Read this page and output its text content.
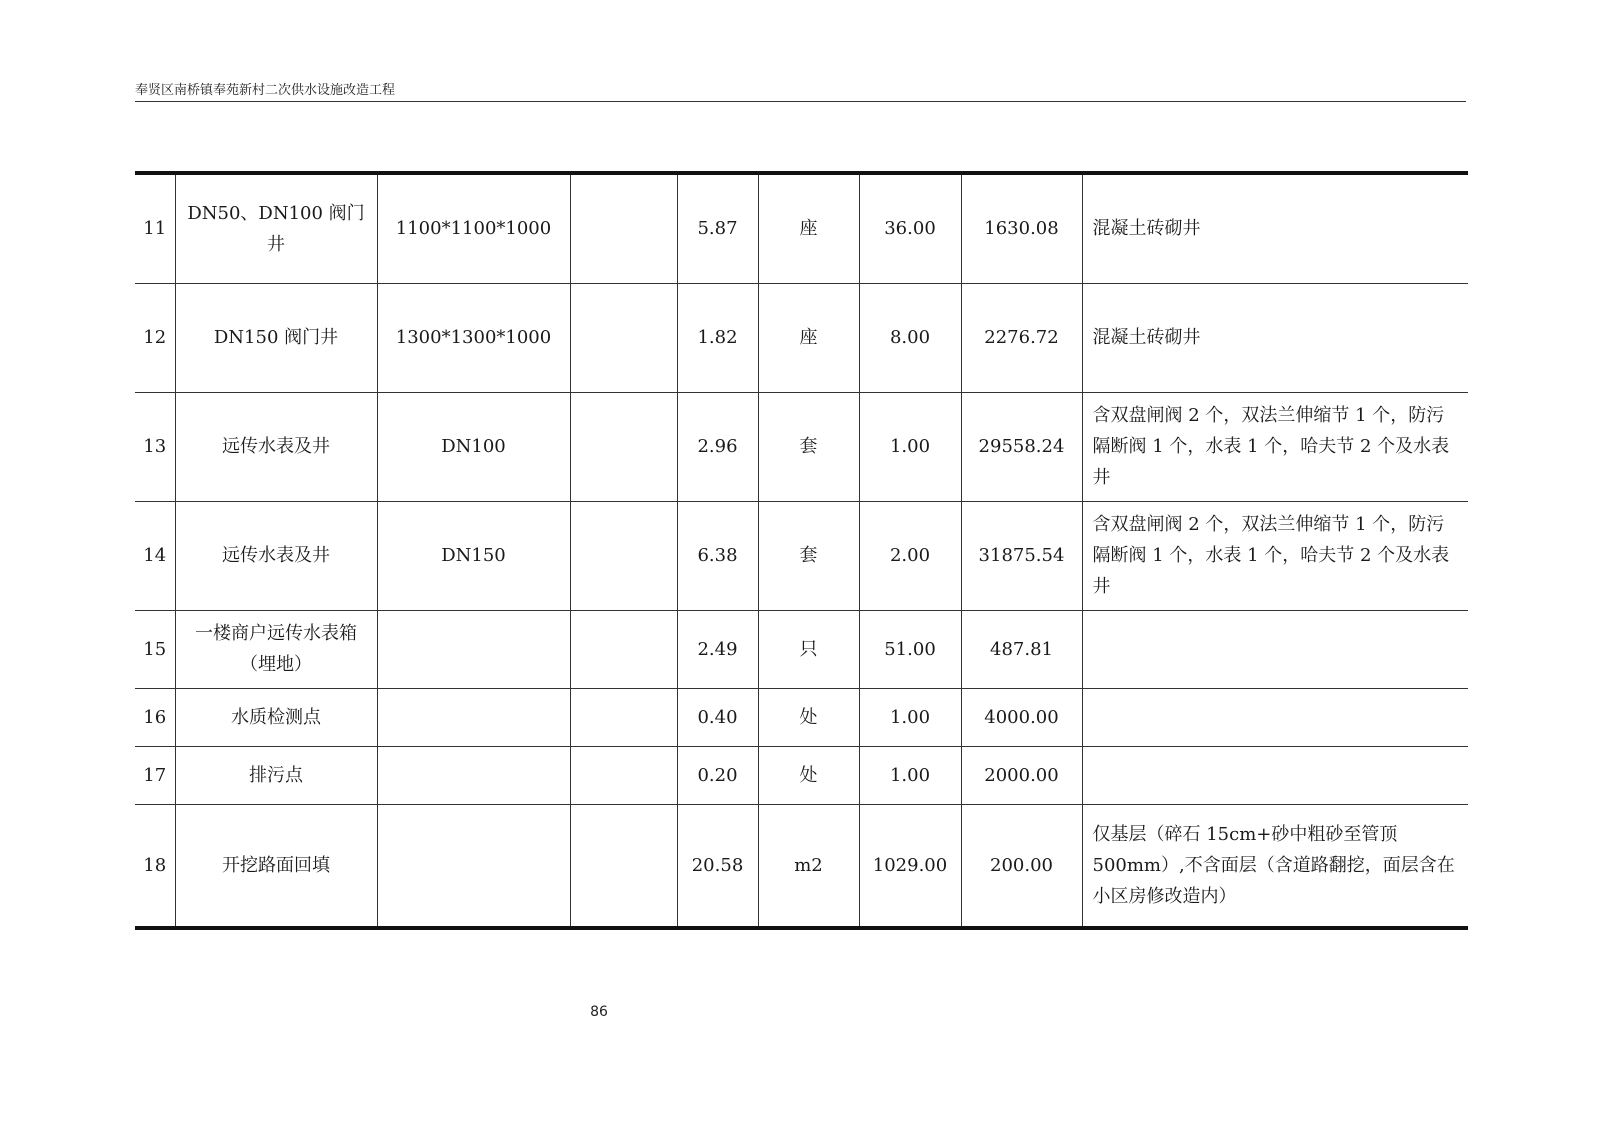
奉贤区南桥镇奉苑新村二次供水设施改造工程
11	DN50、DN100 阀门井	1100*1100*1000		5.87	座	36.00	1630.08	混凝土砖砌井
12	DN150 阀门井	1300*1300*1000		1.82	座	8.00	2276.72	混凝土砖砌井
13	远传水表及井	DN100		2.96	套	1.00	29558.24	含双盘闸阀 2 个，双法兰伸缩节 1 个，防污隔断阀 1 个，水表 1 个，哈夫节 2 个及水表井
14	远传水表及井	DN150		6.38	套	2.00	31875.54	含双盘闸阀 2 个，双法兰伸缩节 1 个，防污隔断阀 1 个，水表 1 个，哈夫节 2 个及水表井
15	一楼商户远传水表箱（埋地）			2.49	只	51.00	487.81	
16	水质检测点			0.40	处	1.00	4000.00	
17	排污点			0.20	处	1.00	2000.00	
18	开挖路面回填			20.58	m2	1029.00	200.00	仅基层（碎石 15cm+砂中粗砂至管顶 500mm）,不含面层（含道路翻挖，面层含在小区房修改造内）
86
